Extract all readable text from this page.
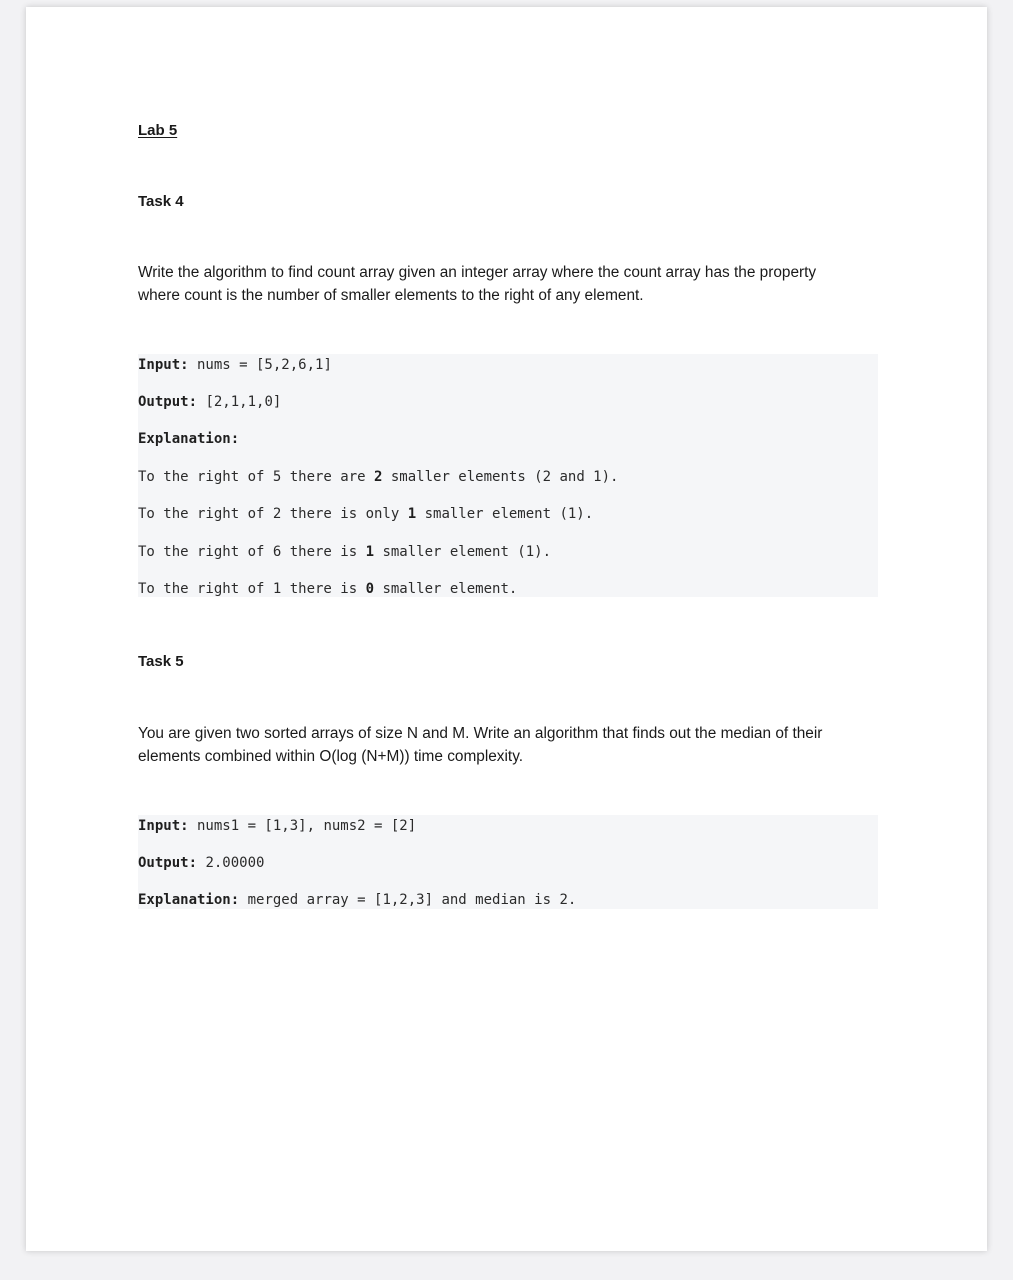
Lab 5
Task 4
Write the algorithm to find count array given an integer array where the count array has the property
where count is the number of smaller elements to the right of any element.
Input: nums = [5,2,6,1]
Output: [2,1,1,0]
Explanation:
To the right of 5 there are 2 smaller elements (2 and 1).
To the right of 2 there is only 1 smaller element (1).
To the right of 6 there is 1 smaller element (1).
To the right of 1 there is 0 smaller element.
Task 5
You are given two sorted arrays of size N and M. Write an algorithm that finds out the median of their
elements combined within O(log (N+M)) time complexity.
Input: nums1 = [1,3], nums2 = [2]
Output: 2.00000
Explanation: merged array = [1,2,3] and median is 2.
